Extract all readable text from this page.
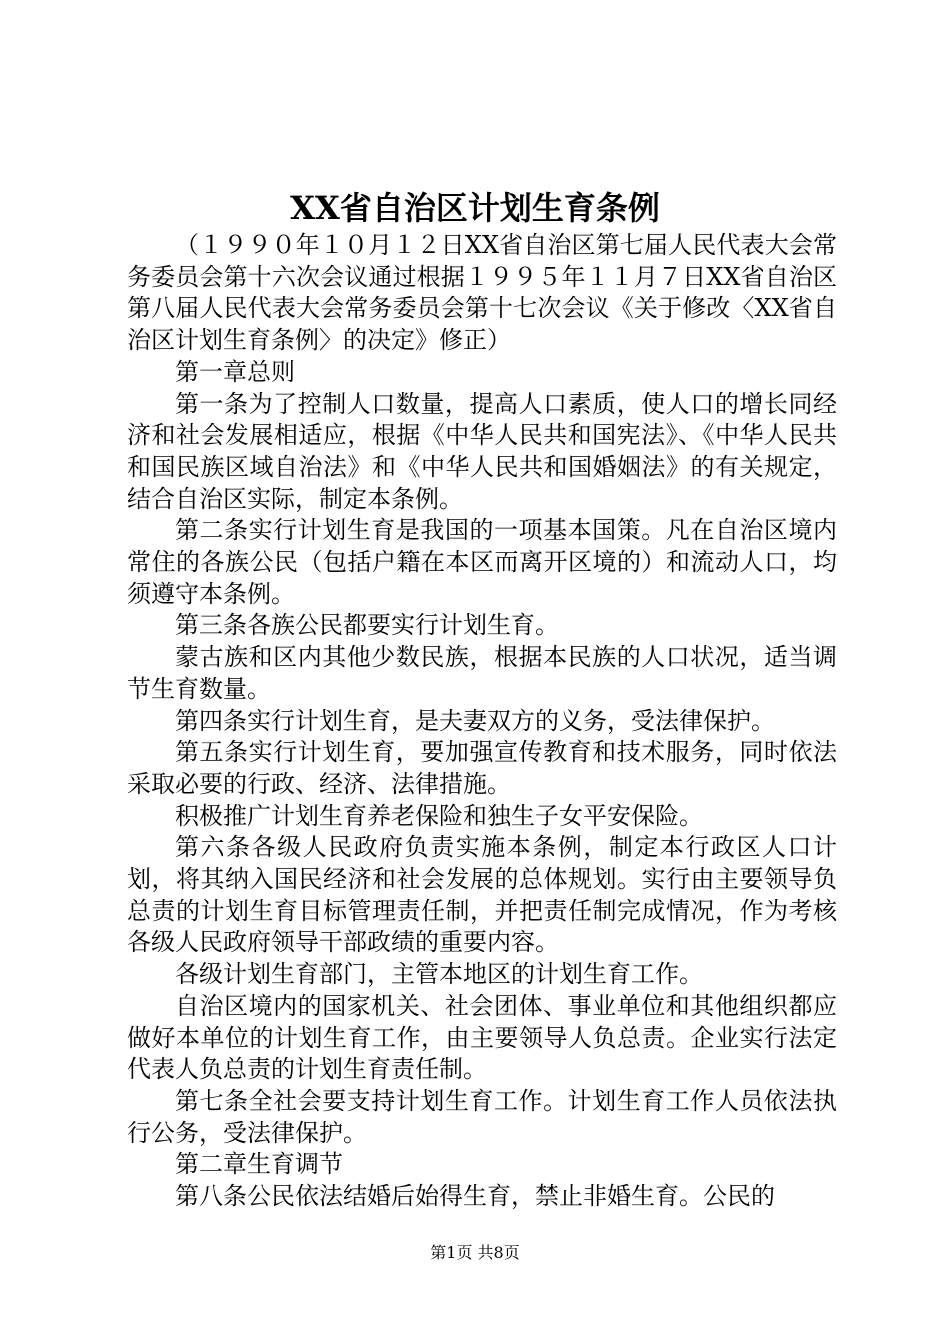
XX省自治区计划生育条例

（１９９０年１０月１２日XX省自治区第七届人民代表大会常务委员会第十六次会议通过根据１９９５年１１月７日XX省自治区第八届人民代表大会常务委员会第十七次会议《关于修改〈XX省自治区计划生育条例〉的决定》修正）

第一章总则

第一条为了控制人口数量，提高人口素质，使人口的增长同经济和社会发展相适应，根据《中华人民共和国宪法》、《中华人民共和国民族区域自治法》和《中华人民共和国婚姻法》的有关规定，结合自治区实际，制定本条例。

第二条实行计划生育是我国的一项基本国策。凡在自治区境内常住的各族公民（包括户籍在本区而离开区境的）和流动人口，均须遵守本条例。

第三条各族公民都要实行计划生育。

蒙古族和区内其他少数民族，根据本民族的人口状况，适当调节生育数量。

第四条实行计划生育，是夫妻双方的义务，受法律保护。

第五条实行计划生育，要加强宣传教育和技术服务，同时依法采取必要的行政、经济、法律措施。

积极推广计划生育养老保险和独生子女平安保险。

第六条各级人民政府负责实施本条例，制定本行政区人口计划，将其纳入国民经济和社会发展的总体规划。实行由主要领导负总责的计划生育目标管理责任制，并把责任制完成情况，作为考核各级人民政府领导干部政绩的重要内容。

各级计划生育部门，主管本地区的计划生育工作。

自治区境内的国家机关、社会团体、事业单位和其他组织都应做好本单位的计划生育工作，由主要领导人负总责。企业实行法定代表人负总责的计划生育责任制。

第七条全社会要支持计划生育工作。计划生育工作人员依法执行公务，受法律保护。

第二章生育调节

第八条公民依法结婚后始得生育，禁止非婚生育。公民的

第1页 共8页
